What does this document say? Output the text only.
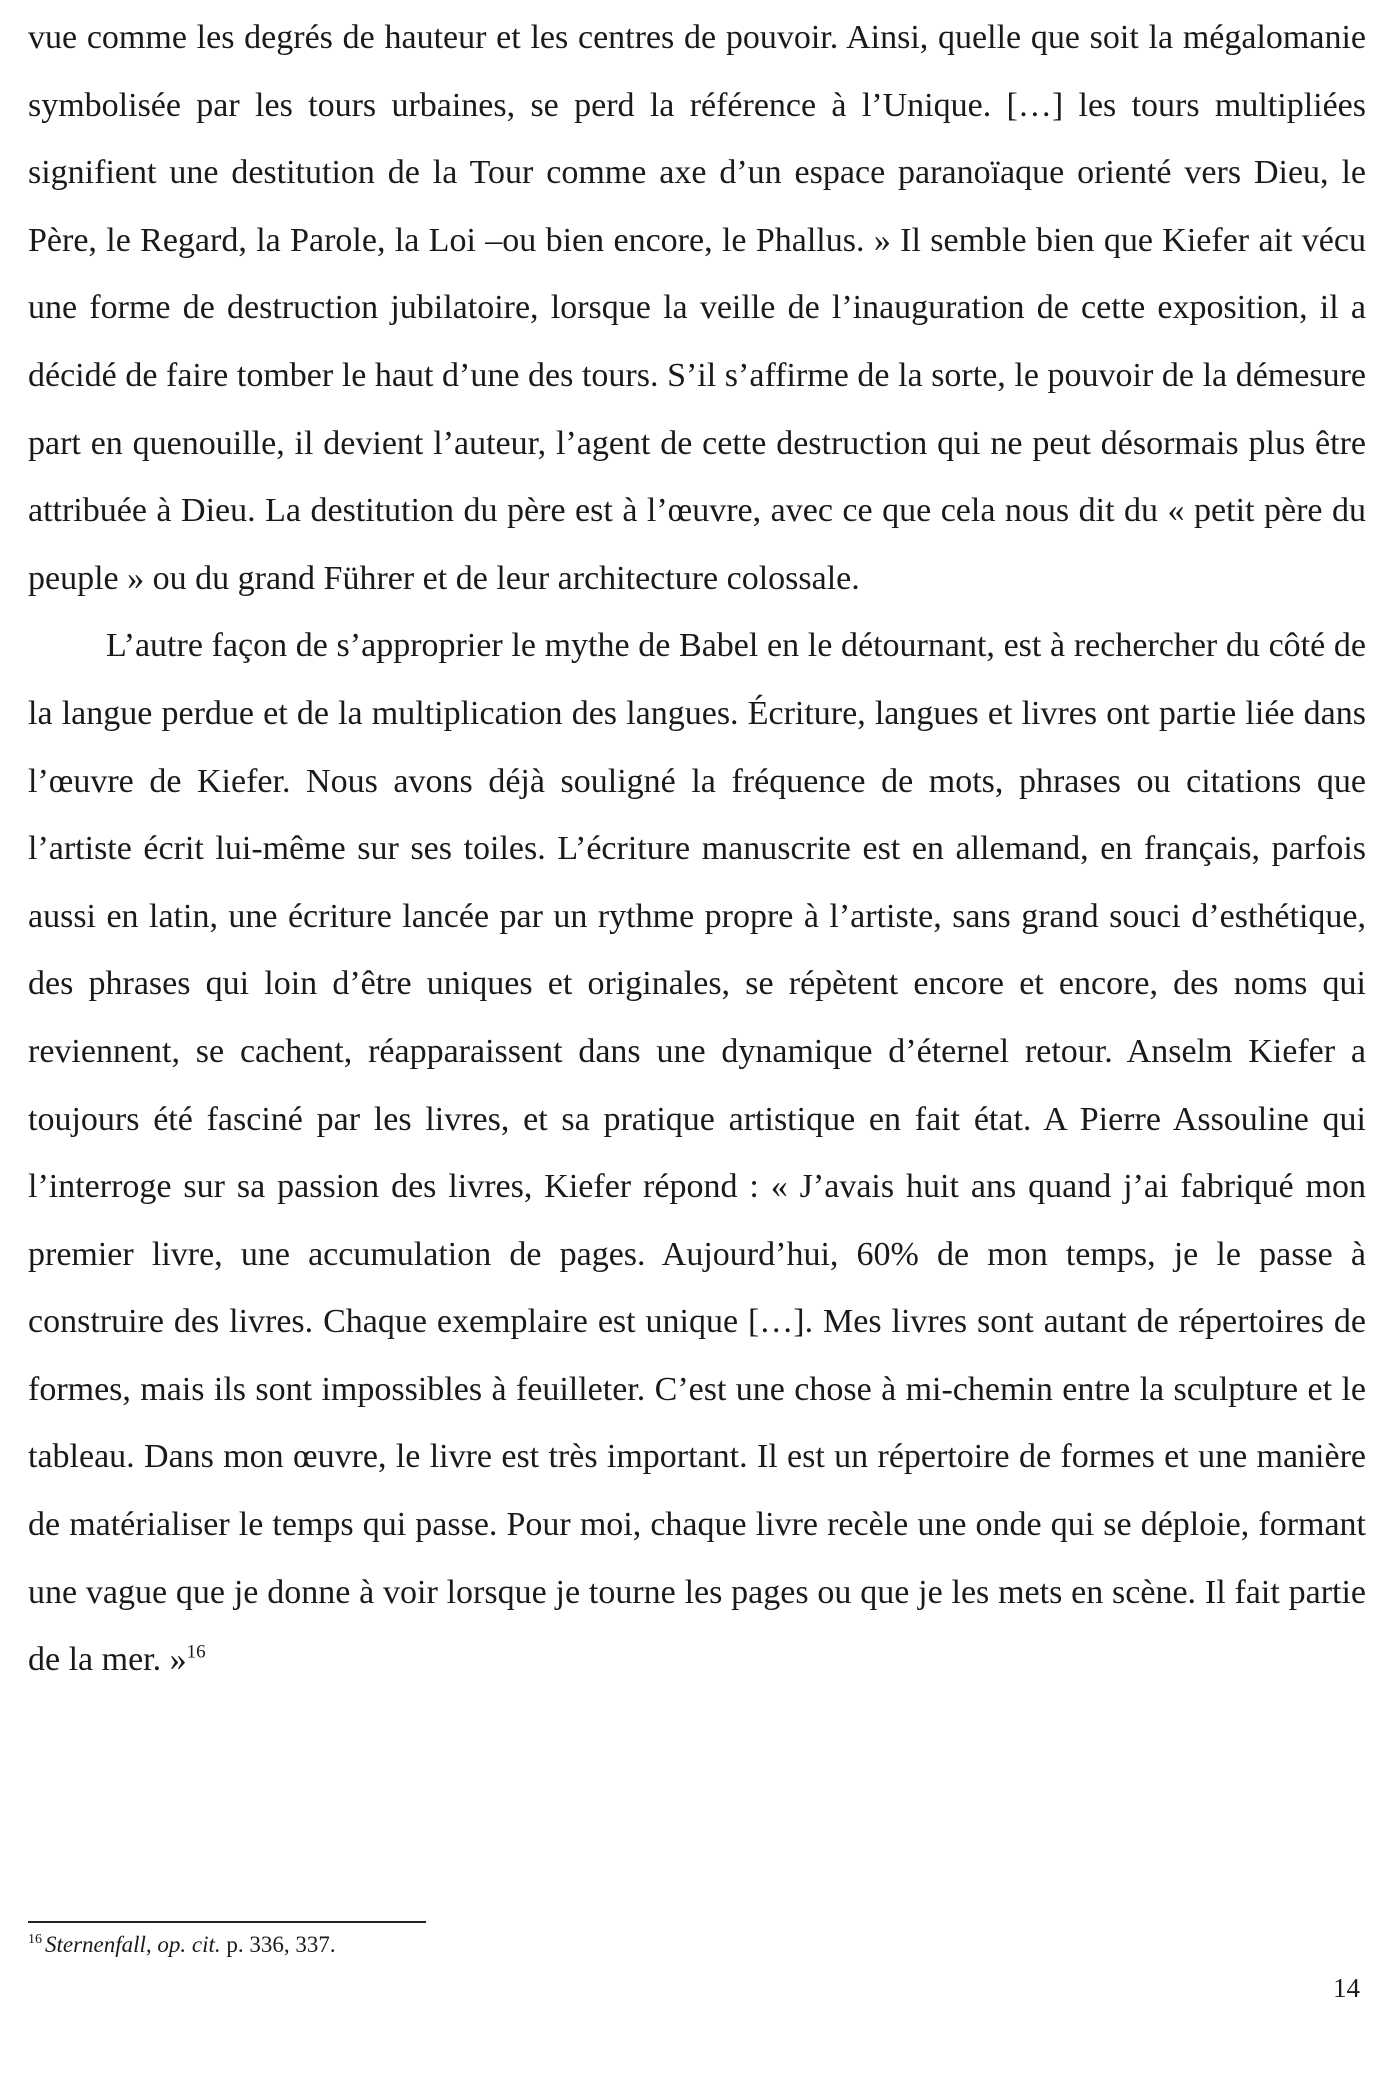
vue comme les degrés de hauteur et les centres de pouvoir. Ainsi, quelle que soit la mégalomanie symbolisée par les tours urbaines, se perd la référence à l’Unique. […] les tours multipliées signifient une destitution de la Tour comme axe d’un espace paranoïaque orienté vers Dieu, le Père, le Regard, la Parole, la Loi –ou bien encore, le Phallus. » Il semble bien que Kiefer ait vécu une forme de destruction jubilatoire, lorsque la veille de l’inauguration de cette exposition, il a décidé de faire tomber le haut d’une des tours. S’il s’affirme de la sorte, le pouvoir de la démesure part en quenouille, il devient l’auteur, l’agent de cette destruction qui ne peut désormais plus être attribuée à Dieu. La destitution du père est à l’œuvre, avec ce que cela nous dit du « petit père du peuple » ou du grand Führer et de leur architecture colossale.

L’autre façon de s’approprier le mythe de Babel en le détournant, est à rechercher du côté de la langue perdue et de la multiplication des langues. Écriture, langues et livres ont partie liée dans l’œuvre de Kiefer. Nous avons déjà souligné la fréquence de mots, phrases ou citations que l’artiste écrit lui-même sur ses toiles. L’écriture manuscrite est en allemand, en français, parfois aussi en latin, une écriture lancée par un rythme propre à l’artiste, sans grand souci d’esthétique, des phrases qui loin d’être uniques et originales, se répètent encore et encore, des noms qui reviennent, se cachent, réapparaissent dans une dynamique d’éternel retour. Anselm Kiefer a toujours été fasciné par les livres, et sa pratique artistique en fait état. A Pierre Assouline qui l’interroge sur sa passion des livres, Kiefer répond : « J’avais huit ans quand j’ai fabriqué mon premier livre, une accumulation de pages. Aujourd’hui, 60% de mon temps, je le passe à construire des livres. Chaque exemplaire est unique […]. Mes livres sont autant de répertoires de formes, mais ils sont impossibles à feuilleter. C’est une chose à mi-chemin entre la sculpture et le tableau. Dans mon œuvre, le livre est très important. Il est un répertoire de formes et une manière de matérialiser le temps qui passe. Pour moi, chaque livre recèle une onde qui se déploie, formant une vague que je donne à voir lorsque je tourne les pages ou que je les mets en scène. Il fait partie de la mer. »$^{16}$

$^{16}$ Sternenfall, op. cit. p. 336, 337.
14
